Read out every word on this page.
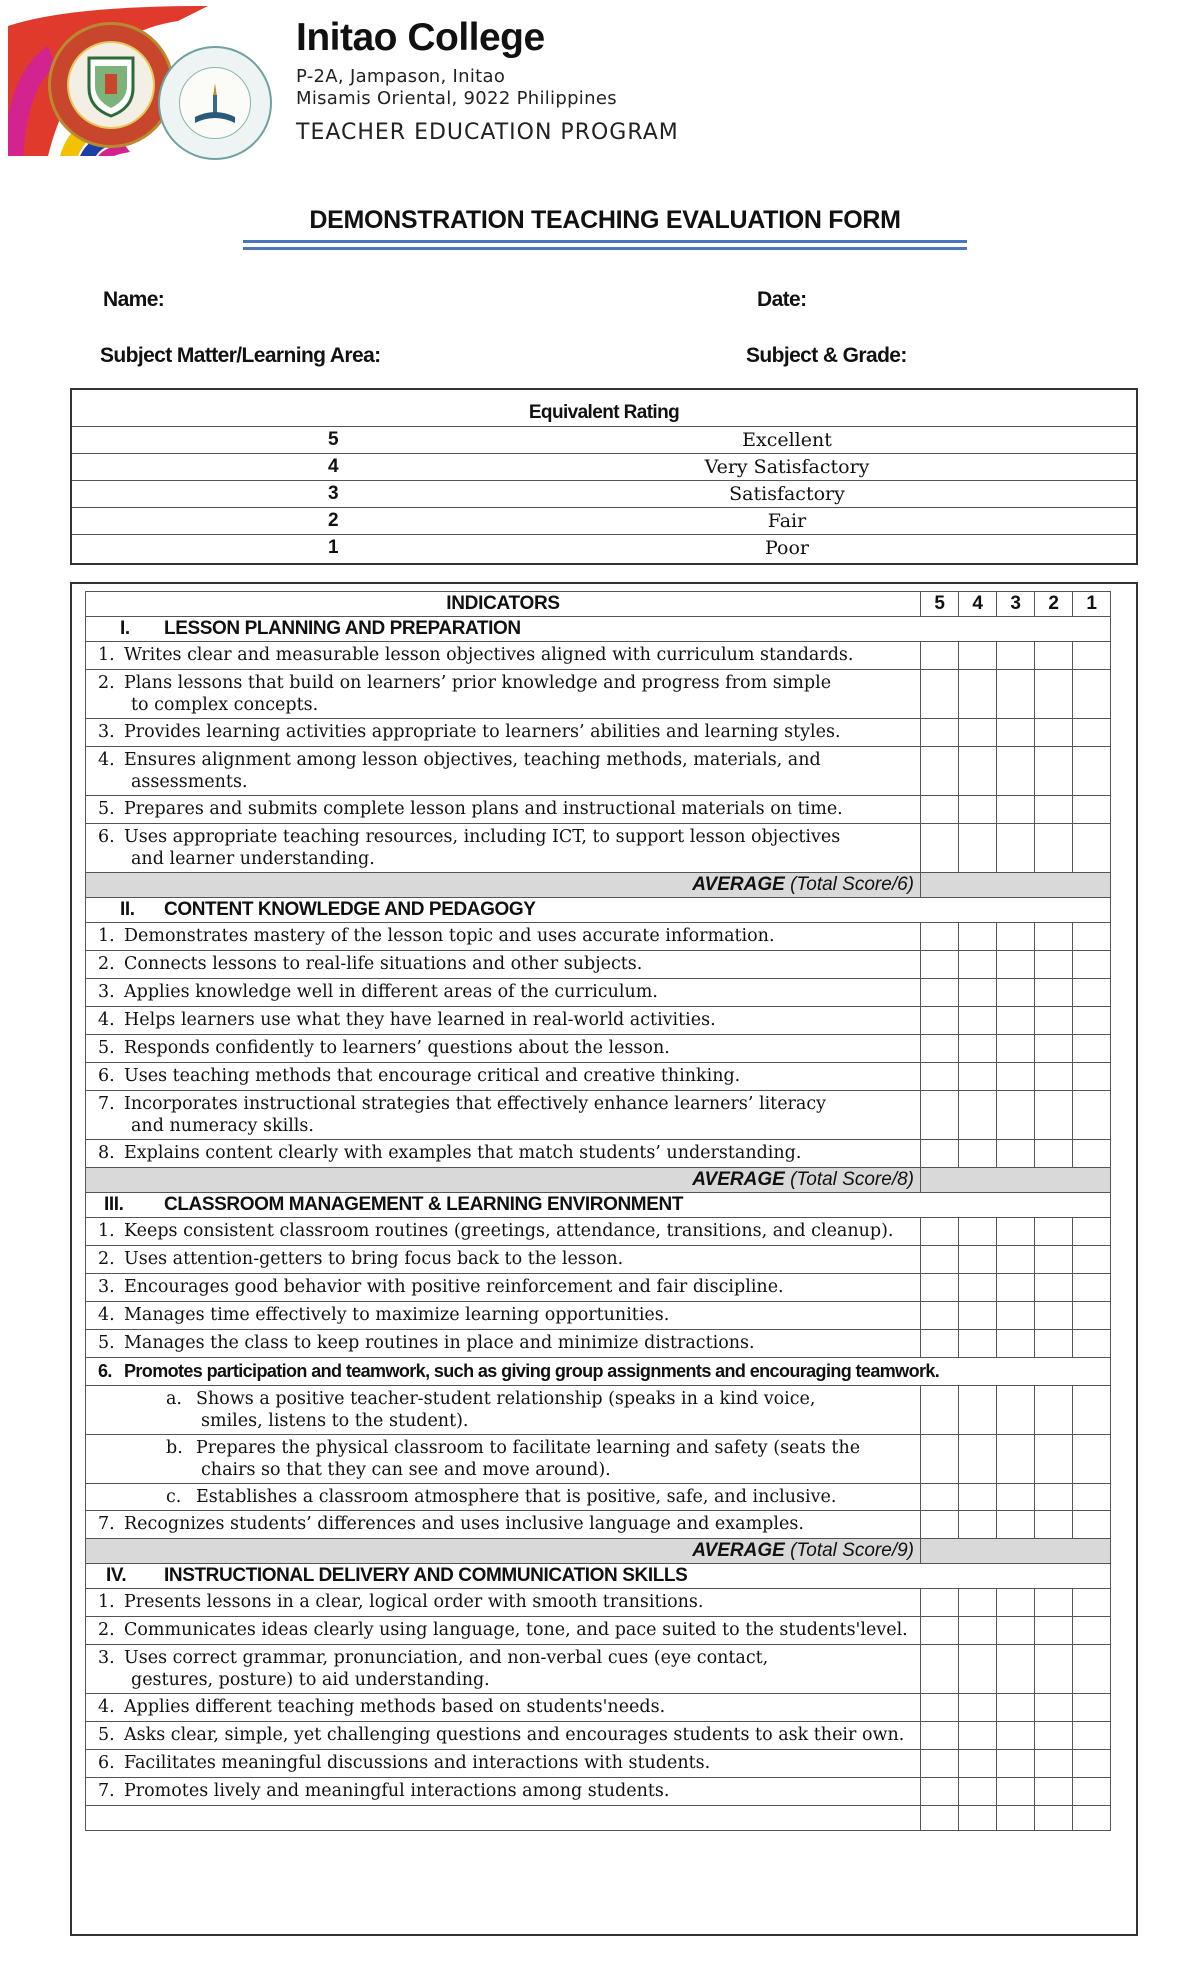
Initao College
P-2A, Jampason, Initao
Misamis Oriental, 9022 Philippines
TEACHER EDUCATION PROGRAM
DEMONSTRATION TEACHING EVALUATION FORM
Name:	Date:
Subject Matter/Learning Area:	Subject & Grade:
Equivalent Rating
5	Excellent
4	Very Satisfactory
3	Satisfactory
2	Fair
1	Poor
INDICATORS	5	4	3	2	1
I. LESSON PLANNING AND PREPARATION					
1. Writes clear and measurable lesson objectives aligned with curriculum standards.					
2. Plans lessons that build on learners’ prior knowledge and progress from simple
to complex concepts.					

3. Provides learning activities appropriate to learners’ abilities and learning styles.					
4. Ensures alignment among lesson objectives, teaching methods, materials, and
assessments.					

5. Prepares and submits complete lesson plans and instructional materials on time.					
6. Uses appropriate teaching resources, including ICT, to support lesson objectives
and learner understanding.					

AVERAGE (Total Score/6)					
II. CONTENT KNOWLEDGE AND PEDAGOGY					
1. Demonstrates mastery of the lesson topic and uses accurate information.					
2. Connects lessons to real-life situations and other subjects.					
3. Applies knowledge well in different areas of the curriculum.					
4. Helps learners use what they have learned in real-world activities.					
5. Responds confidently to learners’ questions about the lesson.					
6. Uses teaching methods that encourage critical and creative thinking.					
7. Incorporates instructional strategies that effectively enhance learners’ literacy
and numeracy skills.					

8. Explains content clearly with examples that match students’ understanding.					
AVERAGE (Total Score/8)					
III. CLASSROOM MANAGEMENT & LEARNING ENVIRONMENT					
1. Keeps consistent classroom routines (greetings, attendance, transitions, and cleanup).					
2. Uses attention-getters to bring focus back to the lesson.					
3. Encourages good behavior with positive reinforcement and fair discipline.					
4. Manages time effectively to maximize learning opportunities.					
5. Manages the class to keep routines in place and minimize distractions.					
6. Promotes participation and teamwork, such as giving group assignments and encouraging teamwork.					
a. Shows a positive teacher-student relationship (speaks in a kind voice,
smiles, listens to the student).					

b. Prepares the physical classroom to facilitate learning and safety (seats the
chairs so that they can see and move around).					

c. Establishes a classroom atmosphere that is positive, safe, and inclusive.					
7. Recognizes students’ differences and uses inclusive language and examples.					
AVERAGE (Total Score/9)					
IV. INSTRUCTIONAL DELIVERY AND COMMUNICATION SKILLS					
1. Presents lessons in a clear, logical order with smooth transitions.					
2. Communicates ideas clearly using language, tone, and pace suited to the students'level.					
3. Uses correct grammar, pronunciation, and non-verbal cues (eye contact,
gestures, posture) to aid understanding.					

4. Applies different teaching methods based on students'needs.					
5. Asks clear, simple, yet challenging questions and encourages students to ask their own.					
6. Facilitates meaningful discussions and interactions with students.					
7. Promotes lively and meaningful interactions among students.					
